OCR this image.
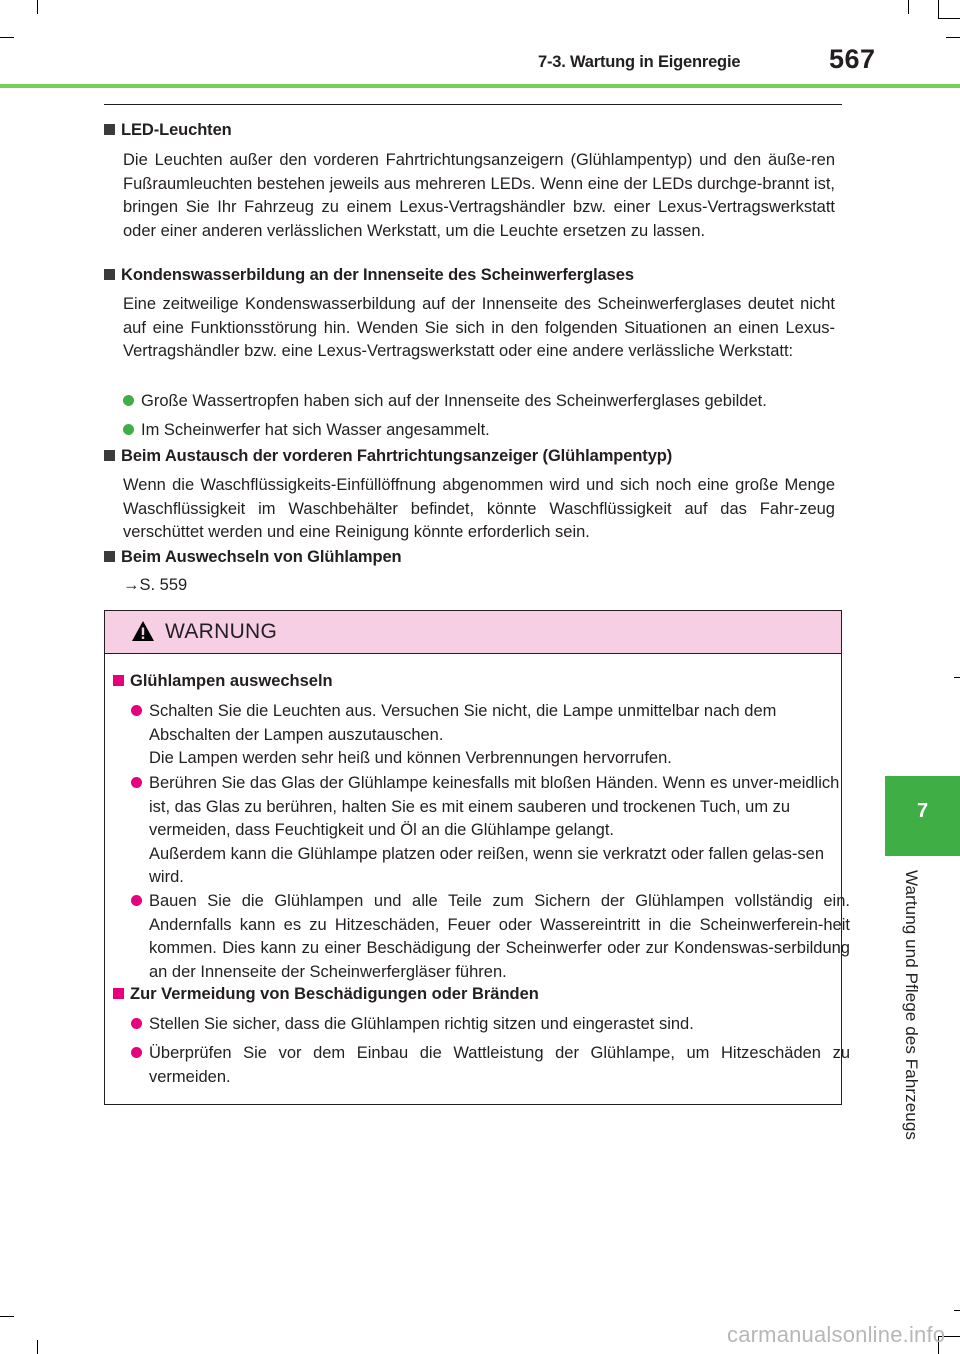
7-3. Wartung in Eigenregie	567
7
Wartung und Pflege des Fahrzeugs
LED-Leuchten
Die Leuchten außer den vorderen Fahrtrichtungsanzeigern (Glühlampentyp) und den äuße-ren Fußraumleuchten bestehen jeweils aus mehreren LEDs. Wenn eine der LEDs durchge-brannt ist, bringen Sie Ihr Fahrzeug zu einem Lexus-Vertragshändler bzw. einer Lexus-Vertragswerkstatt oder einer anderen verlässlichen Werkstatt, um die Leuchte ersetzen zu lassen.
Kondenswasserbildung an der Innenseite des Scheinwerferglases
Eine zeitweilige Kondenswasserbildung auf der Innenseite des Scheinwerferglases deutet nicht auf eine Funktionsstörung hin. Wenden Sie sich in den folgenden Situationen an einen Lexus-Vertragshändler bzw. eine Lexus-Vertragswerkstatt oder eine andere verlässliche Werkstatt:
Große Wassertropfen haben sich auf der Innenseite des Scheinwerferglases gebildet.
Im Scheinwerfer hat sich Wasser angesammelt.
Beim Austausch der vorderen Fahrtrichtungsanzeiger (Glühlampentyp)
Wenn die Waschflüssigkeits-Einfüllöffnung abgenommen wird und sich noch eine große Menge Waschflüssigkeit im Waschbehälter befindet, könnte Waschflüssigkeit auf das Fahr-zeug verschüttet werden und eine Reinigung könnte erforderlich sein.
Beim Auswechseln von Glühlampen
→S. 559
WARNUNG
Glühlampen auswechseln
Schalten Sie die Leuchten aus. Versuchen Sie nicht, die Lampe unmittelbar nach dem Abschalten der Lampen auszutauschen.
Die Lampen werden sehr heiß und können Verbrennungen hervorrufen.

Berühren Sie das Glas der Glühlampe keinesfalls mit bloßen Händen. Wenn es unver-meidlich ist, das Glas zu berühren, halten Sie es mit einem sauberen und trockenen Tuch, um zu vermeiden, dass Feuchtigkeit und Öl an die Glühlampe gelangt.
Außerdem kann die Glühlampe platzen oder reißen, wenn sie verkratzt oder fallen gelas-sen wird.
Bauen Sie die Glühlampen und alle Teile zum Sichern der Glühlampen vollständig ein. Andernfalls kann es zu Hitzeschäden, Feuer oder Wassereintritt in die Scheinwerferein-heit kommen. Dies kann zu einer Beschädigung der Scheinwerfer oder zur Kondenswas-serbildung an der Innenseite der Scheinwerfergläser führen.
Zur Vermeidung von Beschädigungen oder Bränden
Stellen Sie sicher, dass die Glühlampen richtig sitzen und eingerastet sind.
Überprüfen Sie vor dem Einbau die Wattleistung der Glühlampe, um Hitzeschäden zu vermeiden.
carmanualsonline.info
